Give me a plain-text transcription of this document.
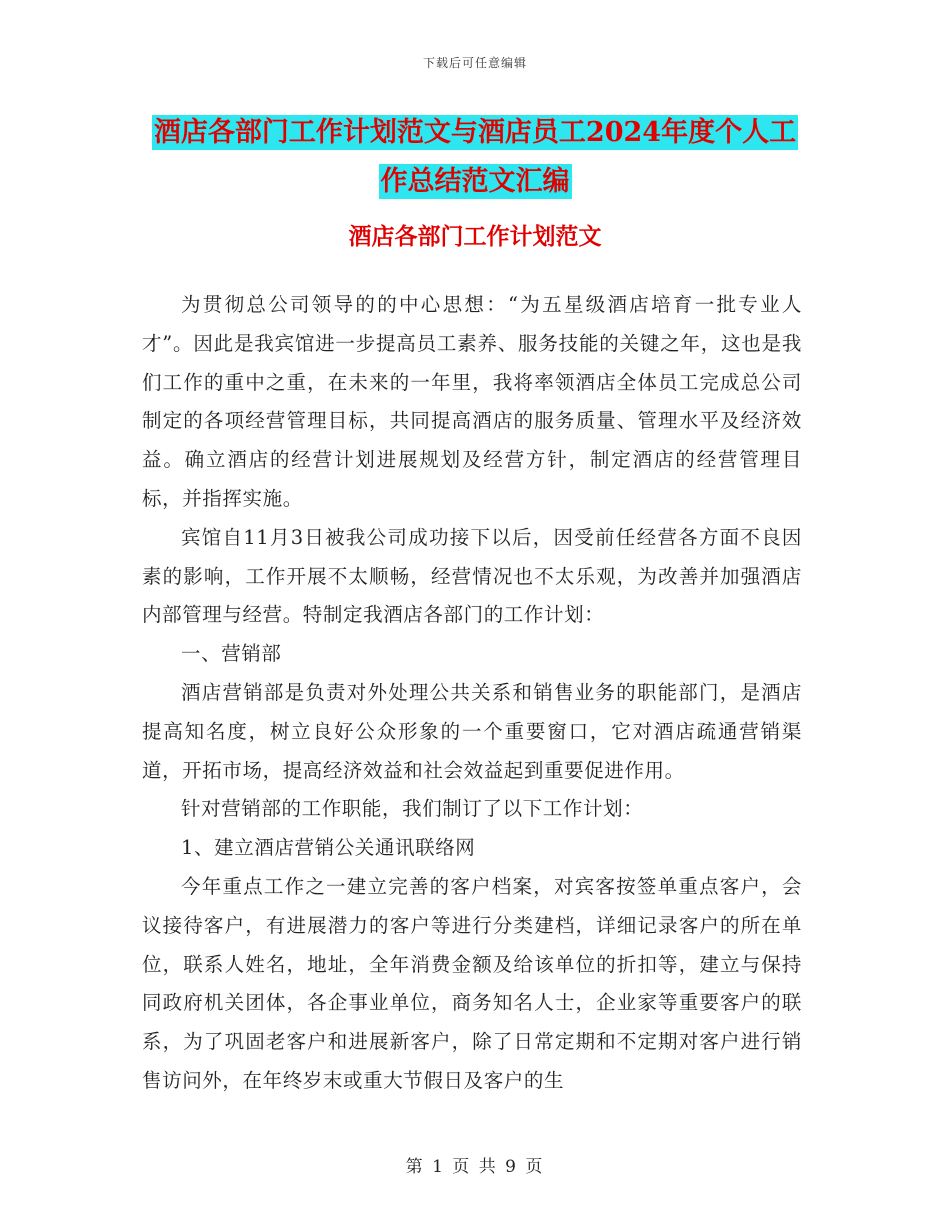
下载后可任意编辑
酒店各部门工作计划范文与酒店员工2024年度个人工作总结范文汇编
酒店各部门工作计划范文

为贯彻总公司领导的的中心思想：“为五星级酒店培育一批专业人才”。因此是我宾馆进一步提高员工素养、服务技能的关键之年，这也是我们工作的重中之重，在未来的一年里，我将率领酒店全体员工完成总公司制定的各项经营管理目标，共同提高酒店的服务质量、管理水平及经济效益。确立酒店的经营计划进展规划及经营方针，制定酒店的经营管理目标，并指挥实施。

宾馆自11月3日被我公司成功接下以后，因受前任经营各方面不良因素的影响，工作开展不太顺畅，经营情况也不太乐观，为改善并加强酒店内部管理与经营。特制定我酒店各部门的工作计划：

一、营销部

酒店营销部是负责对外处理公共关系和销售业务的职能部门，是酒店提高知名度，树立良好公众形象的一个重要窗口，它对酒店疏通营销渠道，开拓市场，提高经济效益和社会效益起到重要促进作用。

针对营销部的工作职能，我们制订了以下工作计划：

1、建立酒店营销公关通讯联络网

今年重点工作之一建立完善的客户档案，对宾客按签单重点客户，会议接待客户，有进展潜力的客户等进行分类建档，详细记录客户的所在单位，联系人姓名，地址，全年消费金额及给该单位的折扣等，建立与保持同政府机关团体，各企事业单位，商务知名人士，企业家等重要客户的联系，为了巩固老客户和进展新客户，除了日常定期和不定期对客户进行销售访问外，在年终岁末或重大节假日及客户的生

第 1 页 共 9 页
